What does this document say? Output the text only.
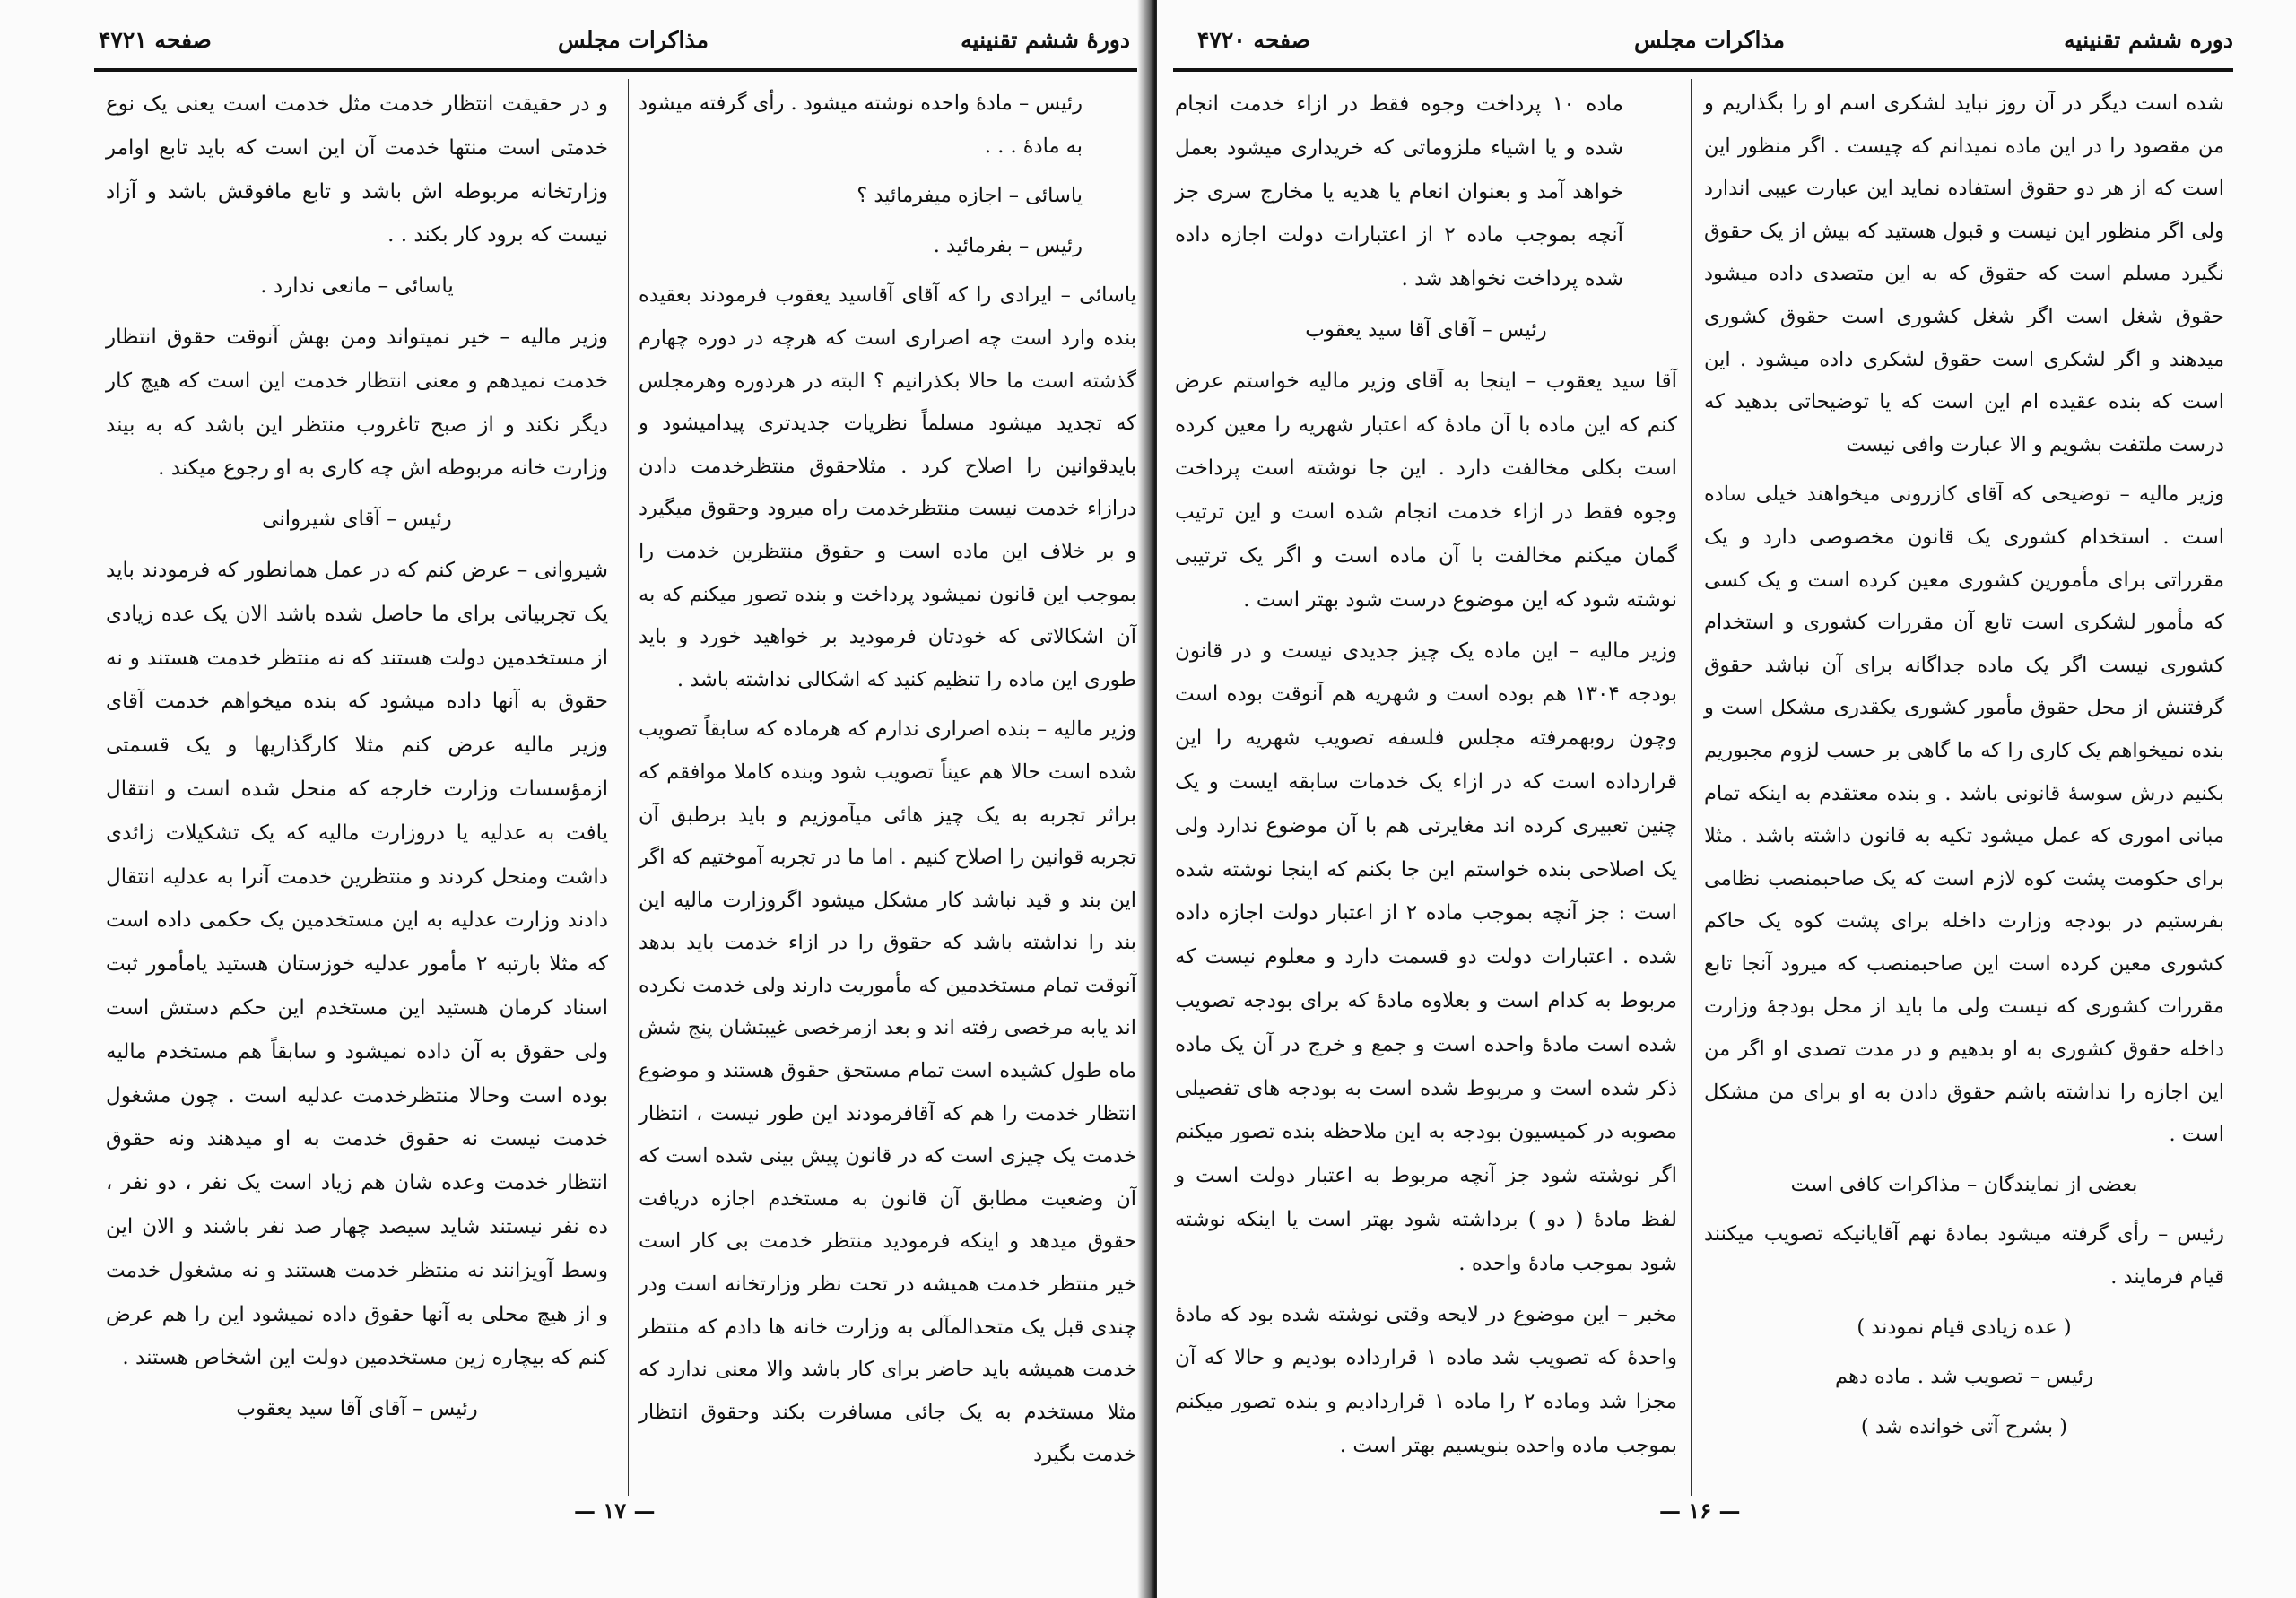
دورهٔ ششم تقنینیه
مذاکرات مجلس
صفحه ۴۷۲۱

رئیس – مادهٔ واحده نوشته میشود . رأی گرفته میشود به مادهٔ . . .

یاسائی – اجازه میفرمائید ؟

رئیس – بفرمائید .

یاسائی – ایرادی را که آقای آقاسید یعقوب فرمودند بعقیده بنده وارد است چه اصراری است که هرچه در دوره چهارم گذشته است ما حالا بکذرانیم ؟ البته در هردوره وهرمجلس که تجدید میشود مسلماً نظریات جدیدتری پیدامیشود و بایدقوانین را اصلاح کرد . مثلاحقوق منتظرخدمت دادن درازاء خدمت نیست منتظرخدمت راه میرود وحقوق میگیرد و بر خلاف این ماده است و حقوق منتظرین خدمت را بموجب این قانون نمیشود پرداخت و بنده تصور میکنم که به آن اشکالاتی که خودتان فرمودید بر خواهید خورد و باید طوری این ماده را تنظیم کنید که اشکالی نداشته باشد .

وزیر مالیه – بنده اصراری ندارم که هرماده که سابقاً تصویب شده است حالا هم عیناً تصویب شود وبنده کاملا موافقم که براثر تجربه به یک چیز هائی میآموزیم و باید برطبق آن تجربه قوانین را اصلاح کنیم . اما ما در تجربه آموختیم که اگر این بند و قید نباشد کار مشکل میشود اگروزارت مالیه این بند را نداشته باشد که حقوق را در ازاء خدمت باید بدهد آنوقت تمام مستخدمین که مأموریت دارند ولی خدمت نکرده اند یابه مرخصی رفته اند و بعد ازمرخصی غیبتشان پنج شش ماه طول کشیده است تمام مستحق حقوق هستند و موضوع انتظار خدمت را هم که آقافرمودند این طور نیست ، انتظار خدمت یک چیزی است که در قانون پیش بینی شده است که آن وضعیت مطابق آن قانون به مستخدم اجازه دریافت حقوق میدهد و اینکه فرمودید منتظر خدمت بی کار است خیر منتظر خدمت همیشه در تحت نظر وزارتخانه است ودر چندی قبل یک متحدالمآلی به وزارت خانه ها دادم که منتظر خدمت همیشه باید حاضر برای کار باشد والا معنی ندارد که مثلا مستخدم به یک جائی مسافرت بکند وحقوق انتظار خدمت بگیرد

و در حقیقت انتظار خدمت مثل خدمت است یعنی یک نوع خدمتی است منتها خدمت آن این است که باید تابع اوامر وزارتخانه مربوطه اش باشد و تابع مافوقش باشد و آزاد نیست که برود کار بکند . .

یاسائی – مانعی ندارد .

وزیر مالیه – خیر نمیتواند ومن بهش آنوقت حقوق انتظار خدمت نمیدهم و معنی انتظار خدمت این است که هیچ کار دیگر نکند و از صبح تاغروب منتظر این باشد که به بیند وزارت خانه مربوطه اش چه کاری به او رجوع میکند .

رئیس – آقای شیروانی

شیروانی – عرض کنم که در عمل همانطور که فرمودند باید یک تجربیاتی برای ما حاصل شده باشد الان یک عده زیادی از مستخدمین دولت هستند که نه منتظر خدمت هستند و نه حقوق به آنها داده میشود که بنده میخواهم خدمت آقای وزیر مالیه عرض کنم مثلا کارگذاریها و یک قسمتی ازمؤسسات وزارت خارجه که منحل شده است و انتقال یافت به عدلیه یا دروزارت مالیه که یک تشکیلات زائدی داشت ومنحل کردند و منتظرین خدمت آنرا به عدلیه انتقال دادند وزارت عدلیه به این مستخدمین یک حکمی داده است که مثلا بارتبه ۲ مأمور عدلیه خوزستان هستید یامأمور ثبت اسناد کرمان هستید این مستخدم این حکم دستش است ولی حقوق به آن داده نمیشود و سابقاً هم مستخدم مالیه بوده است وحالا منتظرخدمت عدلیه است . چون مشغول خدمت نیست نه حقوق خدمت به او میدهند ونه حقوق انتظار خدمت وعده شان هم زیاد است یک نفر ، دو نفر ، ده نفر نیستند شاید سیصد چهار صد نفر باشند و الان این وسط آویزانند نه منتظر خدمت هستند و نه مشغول خدمت و از هیچ محلی به آنها حقوق داده نمیشود این را هم عرض کنم که بیچاره زین مستخدمین دولت این اشخاص هستند .

رئیس – آقای آقا سید یعقوب

— ۱۷ —
دوره ششم تقنینیه
مذاکرات مجلس
صفحه ۴۷۲۰

شده است دیگر در آن روز نباید لشکری اسم او را بگذاریم و من مقصود را در این ماده نمیدانم که چیست . اگر منظور این است که از هر دو حقوق استفاده نماید این عبارت عیبی اندارد ولی اگر منظور این نیست و قبول هستید که بیش از یک حقوق نگیرد مسلم است که حقوق که به این متصدی داده میشود حقوق شغل است اگر شغل کشوری است حقوق کشوری میدهند و اگر لشکری است حقوق لشکری داده میشود . این است که بنده عقیده ام این است که یا توضیحاتی بدهید که درست ملتفت بشویم و الا عبارت وافی نیست

وزیر مالیه – توضیحی که آقای کازرونی میخواهند خیلی ساده است . استخدام کشوری یک قانون مخصوصی دارد و یک مقرراتی برای مأمورین کشوری معین کرده است و یک کسی که مأمور لشکری است تابع آن مقررات کشوری و استخدام کشوری نیست اگر یک ماده جداگانه برای آن نباشد حقوق گرفتنش از محل حقوق مأمور کشوری یکقدری مشکل است و بنده نمیخواهم یک کاری را که ما گاهی بر حسب لزوم مجبوریم بکنیم درش سوسهٔ قانونی باشد . و بنده معتقدم به اینکه تمام مبانی اموری که عمل میشود تکیه به قانون داشته باشد . مثلا برای حکومت پشت کوه لازم است که یک صاحبمنصب نظامی بفرستیم در بودجه وزارت داخله برای پشت کوه یک حاکم کشوری معین کرده است این صاحبمنصب که میرود آنجا تابع مقررات کشوری که نیست ولی ما باید از محل بودجهٔ وزارت داخله حقوق کشوری به او بدهیم و در مدت تصدی او اگر من این اجازه را نداشته باشم حقوق دادن به او برای من مشکل است .

بعضی از نمایندگان – مذاکرات کافی است

رئیس – رأی گرفته میشود بمادهٔ نهم آقایانیکه تصویب میکنند قیام فرمایند .

( عده زیادی قیام نمودند )

رئیس – تصویب شد . ماده دهم

( بشرح آتی خوانده شد )

ماده ۱۰ پرداخت وجوه فقط در ازاء خدمت انجام شده و یا اشیاء ملزوماتی که خریداری میشود بعمل خواهد آمد و بعنوان انعام یا هدیه یا مخارج سری جز آنچه بموجب ماده ۲ از اعتبارات دولت اجازه داده شده پرداخت نخواهد شد .

رئیس – آقای آقا سید یعقوب

آقا سید یعقوب – اینجا به آقای وزیر مالیه خواستم عرض کنم که این ماده با آن مادهٔ که اعتبار شهریه را معین کرده است بکلی مخالفت دارد . این جا نوشته است پرداخت وجوه فقط در ازاء خدمت انجام شده است و این ترتیب گمان میکنم مخالفت با آن ماده است و اگر یک ترتیبی نوشته شود که این موضوع درست شود بهتر است .

وزیر مالیه – این ماده یک چیز جدیدی نیست و در قانون بودجه ۱۳۰۴ هم بوده است و شهریه هم آنوقت بوده است وچون روبهمرفته مجلس فلسفه تصویب شهریه را این قرارداده است که در ازاء یک خدمات سابقه ایست و یک چنین تعبیری کرده اند مغایرتی هم با آن موضوع ندارد ولی یک اصلاحی بنده خواستم این جا بکنم که اینجا نوشته شده است : جز آنچه بموجب ماده ۲ از اعتبار دولت اجازه داده شده . اعتبارات دولت دو قسمت دارد و معلوم نیست که مربوط به کدام است و بعلاوه مادهٔ که برای بودجه تصویب شده است مادهٔ واحده است و جمع و خرج در آن یک ماده ذکر شده است و مربوط شده است به بودجه های تفصیلی مصوبه در کمیسیون بودجه به این ملاحظه بنده تصور میکنم اگر نوشته شود جز آنچه مربوط به اعتبار دولت است و لفظ مادهٔ ( دو ) برداشته شود بهتر است یا اینکه نوشته شود بموجب مادهٔ واحده .

مخبر – این موضوع در لایحه وقتی نوشته شده بود که مادهٔ واحدهٔ که تصویب شد ماده ۱ قرارداده بودیم و حالا که آن مجزا شد وماده ۲ را ماده ۱ قراردادیم و بنده تصور میکنم بموجب ماده واحده بنویسیم بهتر است .

— ۱۶ —
